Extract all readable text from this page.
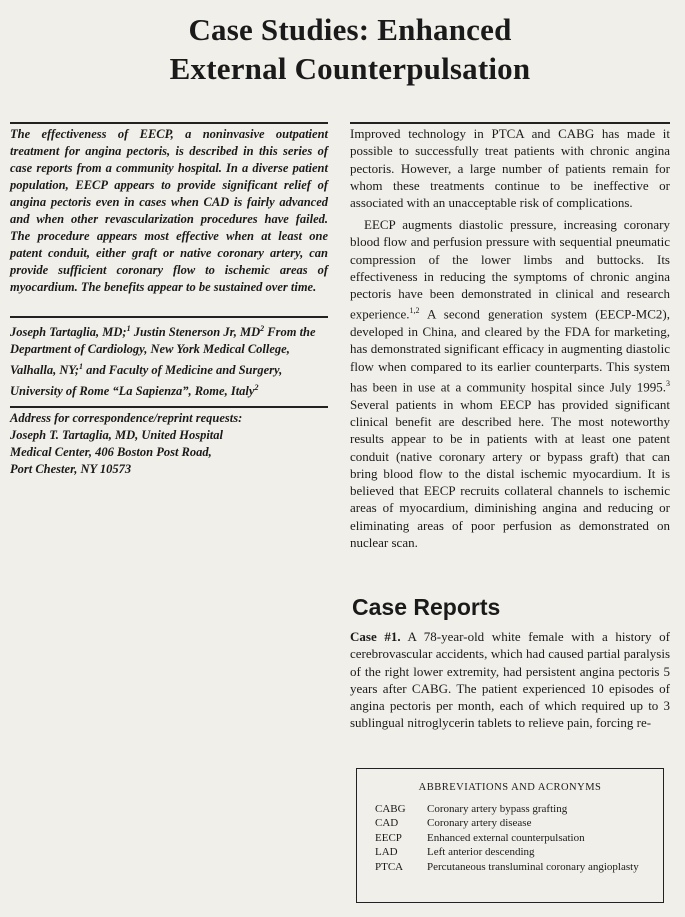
Case Studies: Enhanced
External Counterpulsation
The effectiveness of EECP, a noninvasive outpatient treatment for angina pectoris, is described in this series of case reports from a community hospital. In a diverse patient population, EECP appears to provide significant relief of angina pectoris even in cases when CAD is fairly advanced and when other revascularization procedures have failed. The procedure appears most effective when at least one patent conduit, either graft or native coronary artery, can provide sufficient coronary flow to ischemic areas of myocardium. The benefits appear to be sustained over time.
Joseph Tartaglia, MD;$^1$ Justin Stenerson Jr, $MD^2$ From the Department of Cardiology, New York Medical College, Valhalla, NY;$^1$ and Faculty of Medicine and Surgery, University of Rome “La Sapienza”, Rome, Italy$^2$
Address for correspondence/reprint requests:
Joseph T. Tartaglia, MD, United Hospital
Medical Center, 406 Boston Post Road,
Port Chester, NY 10573
Improved technology in PTCA and CABG has made it possible to successfully treat patients with chronic angina pectoris. However, a large number of patients remain for whom these treatments continue to be ineffective or associated with an unacceptable risk of complications.
EECP augments diastolic pressure, increasing coronary blood flow and perfusion pressure with sequential pneumatic compression of the lower limbs and buttocks. Its effectiveness in reducing the symptoms of chronic angina pectoris have been demonstrated in clinical and research experience.$^{1,2}$ A second generation system (EECP-MC2), developed in China, and cleared by the FDA for marketing, has demonstrated significant efficacy in augmenting diastolic flow when compared to its earlier counterparts. This system has been in use at a community hospital since July 1995.$^3$ Several patients in whom EECP has provided significant clinical benefit are described here. The most noteworthy results appear to be in patients with at least one patent conduit (native coronary artery or bypass graft) that can bring blood flow to the distal ischemic myocardium. It is believed that EECP recruits collateral channels to ischemic areas of myocardium, diminishing angina and reducing or eliminating areas of poor perfusion as demonstrated on nuclear scan.
Case Reports
Case #1. A 78-year-old white female with a history of cerebrovascular accidents, which had caused partial paralysis of the right lower extremity, had persistent angina pectoris 5 years after CABG. The patient experienced 10 episodes of angina pectoris per month, each of which required up to 3 sublingual nitroglycerin tablets to relieve pain, forcing re-
ABBREVIATIONS AND ACRONYMS
CABG	Coronary artery bypass grafting
CAD	Coronary artery disease
EECP	Enhanced external counterpulsation
LAD	Left anterior descending
PTCA	Percutaneous transluminal coronary angioplasty
